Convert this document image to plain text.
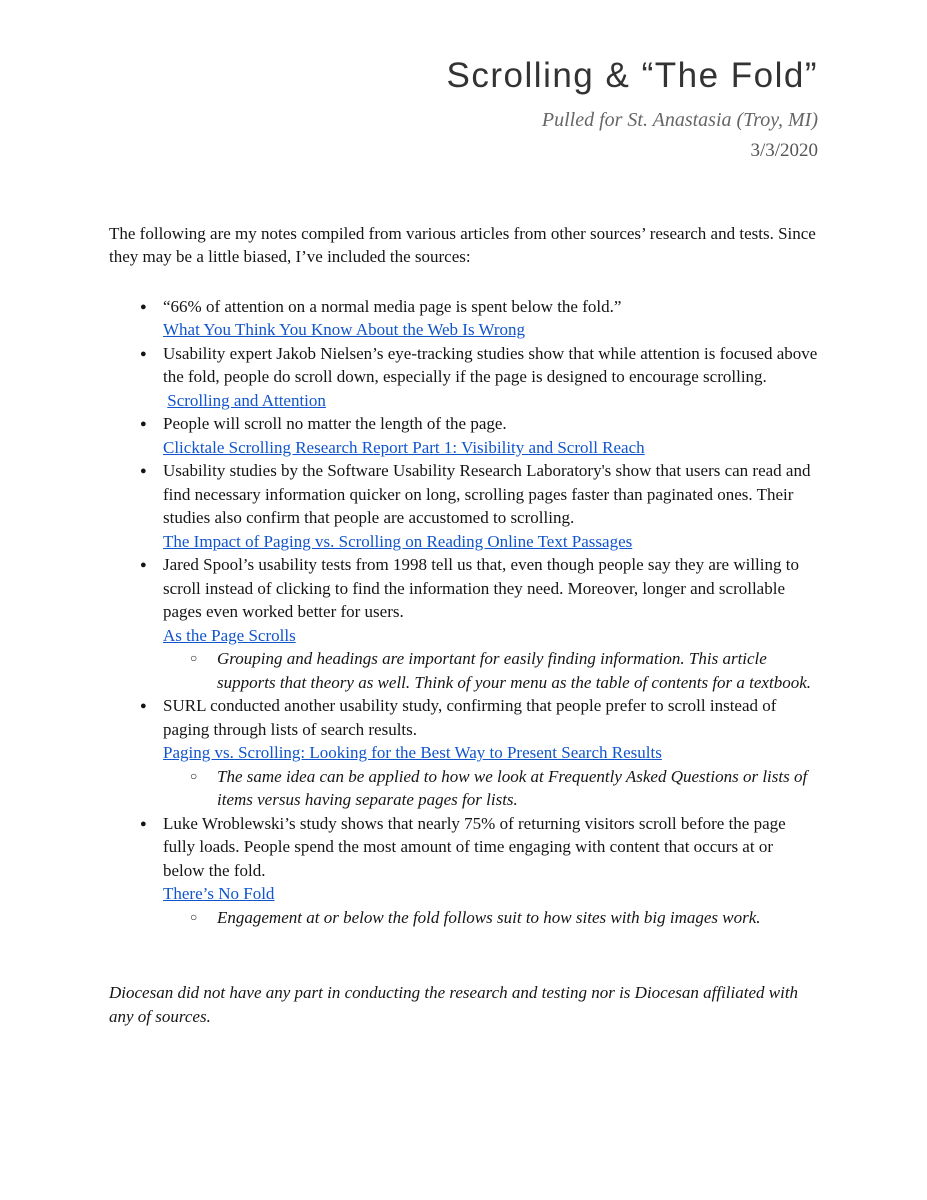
Scrolling & “The Fold”
Pulled for St. Anastasia (Troy, MI)
3/3/2020

The following are my notes compiled from various articles from other sources’ research and tests. Since they may be a little biased, I’ve included the sources:

● “66% of attention on a normal media page is spent below the fold.”
What You Think You Know About the Web Is Wrong
● Usability expert Jakob Nielsen’s eye-tracking studies show that while attention is focused above the fold, people do scroll down, especially if the page is designed to encourage scrolling.
Scrolling and Attention
● People will scroll no matter the length of the page.
Clicktale Scrolling Research Report Part 1: Visibility and Scroll Reach
● Usability studies by the Software Usability Research Laboratory's show that users can read and find necessary information quicker on long, scrolling pages faster than paginated ones. Their studies also confirm that people are accustomed to scrolling.
The Impact of Paging vs. Scrolling on Reading Online Text Passages
● Jared Spool’s usability tests from 1998 tell us that, even though people say they are willing to scroll instead of clicking to find the information they need. Moreover, longer and scrollable pages even worked better for users.
As the Page Scrolls
○ Grouping and headings are important for easily finding information. This article supports that theory as well. Think of your menu as the table of contents for a textbook.
● SURL conducted another usability study, confirming that people prefer to scroll instead of paging through lists of search results.
Paging vs. Scrolling: Looking for the Best Way to Present Search Results
○ The same idea can be applied to how we look at Frequently Asked Questions or lists of items versus having separate pages for lists.
● Luke Wroblewski’s study shows that nearly 75% of returning visitors scroll before the page fully loads. People spend the most amount of time engaging with content that occurs at or below the fold.
There’s No Fold
○ Engagement at or below the fold follows suit to how sites with big images work.

Diocesan did not have any part in conducting the research and testing nor is Diocesan affiliated with any of sources.
